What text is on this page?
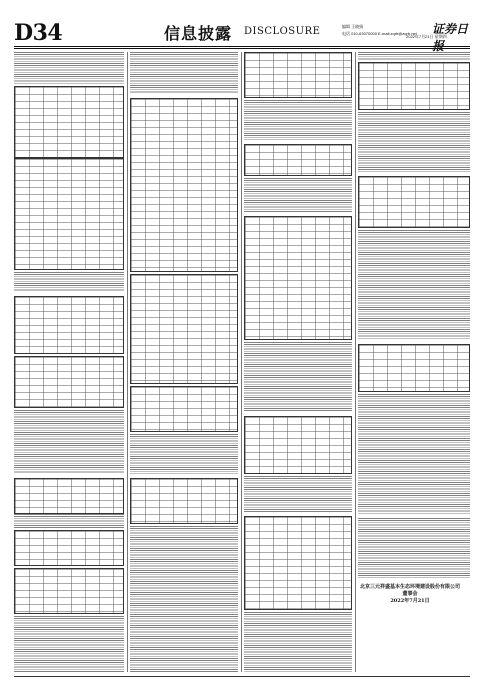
D34	信息披露 DISCLOSURE	编辑 王晓娟
电话 010-63070000 E-mail:zqrb@zqrb.net 证券日
2022年7月21日 星期四
北京三元祥盛基本生态环境建设股份有限公司
董事会
2022年7月21日
